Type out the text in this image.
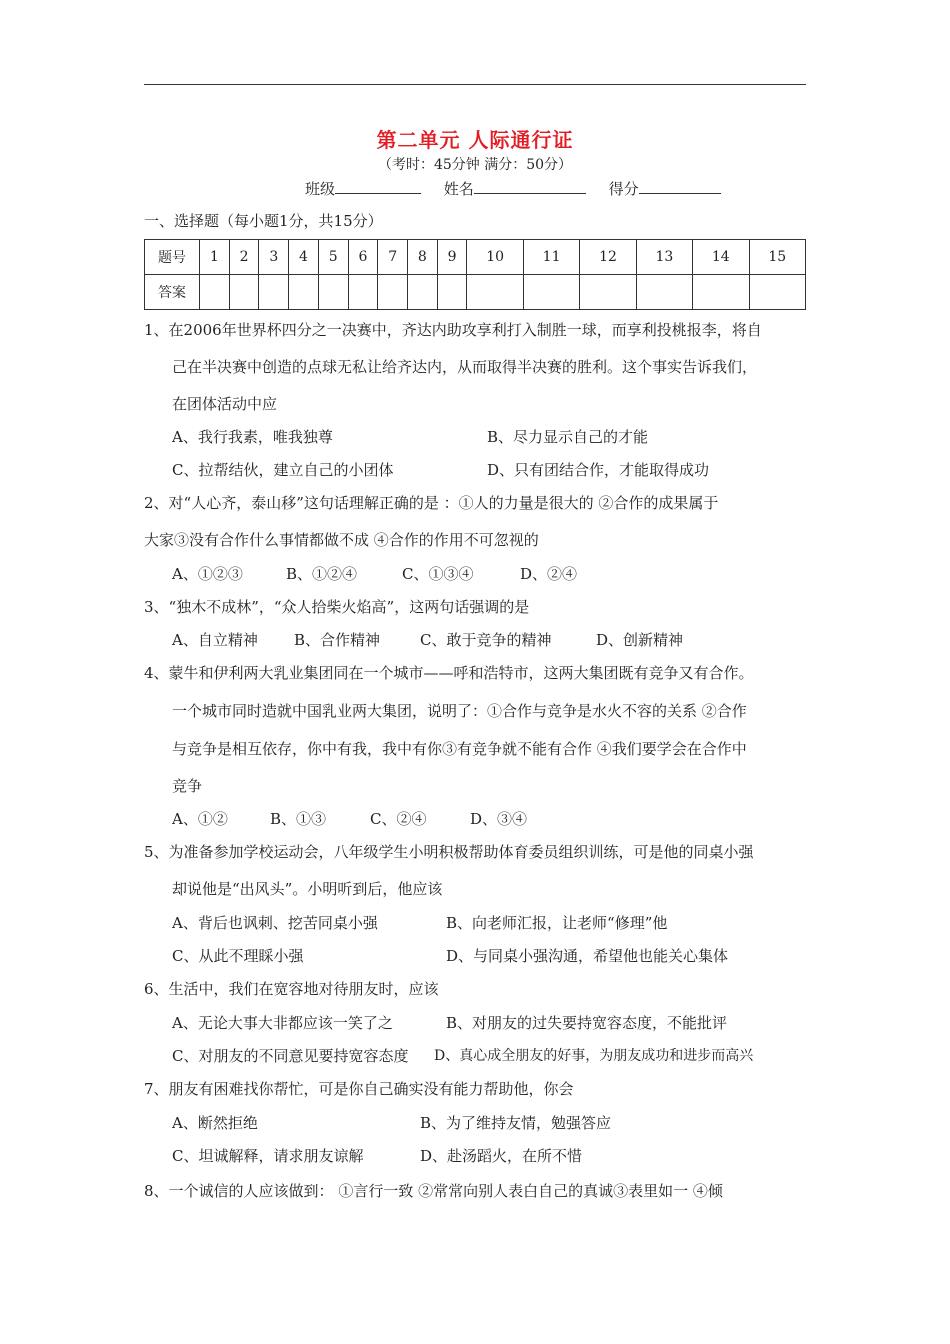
第二单元 人际通行证
（考时：45分钟 满分：50分）
班级	姓名	得分
一、选择题（每小题1分，共15分）
题号	1	2	3	4	5	6	7	8	9	10	11	12	13	14	15
答案															
1、在2006年世界杯四分之一决赛中，齐达内助攻享利打入制胜一球，而享利投桃报李，将自
己在半决赛中创造的点球无私让给齐达内，从而取得半决赛的胜利。这个事实告诉我们，
在团体活动中应
A、我行我素，唯我独尊	B、尽力显示自己的才能
C、拉帮结伙，建立自己的小团体	D、只有团结合作，才能取得成功
2、对“人心齐，泰山移”这句话理解正确的是 ：①人的力量是很大的 ②合作的成果属于
大家③没有合作什么事情都做不成 ④合作的作用不可忽视的
A、①②③	B、①②④	C、①③④	D、②④
3、“独木不成林”，“众人拾柴火焰高”，这两句话强调的是
A、自立精神 B、合作精神	C、敢于竞争的精神	D、创新精神
4、蒙牛和伊利两大乳业集团同在一个城市——呼和浩特市，这两大集团既有竞争又有合作。
一个城市同时造就中国乳业两大集团，说明了：①合作与竞争是水火不容的关系 ②合作
与竞争是相互依存，你中有我，我中有你③有竞争就不能有合作 ④我们要学会在合作中
竞争
A、①②	B、①③	C、②④	D、③④
5、为准备参加学校运动会，八年级学生小明积极帮助体育委员组织训练，可是他的同桌小强
却说他是“出风头”。小明听到后，他应该
A、背后也讽刺、挖苦同桌小强	B、向老师汇报，让老师“修理”他
C、从此不理睬小强	D、与同桌小强沟通，希望他也能关心集体
6、生活中，我们在宽容地对待朋友时，应该
A、无论大事大非都应该一笑了之	B、对朋友的过失要持宽容态度，不能批评
C、对朋友的不同意见要持宽容态度 D、真心成全朋友的好事，为朋友成功和进步而高兴
7、朋友有困难找你帮忙，可是你自己确实没有能力帮助他，你会
A、断然拒绝	B、为了维持友情，勉强答应
C、坦诚解释，请求朋友谅解	D、赴汤蹈火，在所不惜
8、一个诚信的人应该做到： ①言行一致 ②常常向别人表白自己的真诚③表里如一 ④倾
